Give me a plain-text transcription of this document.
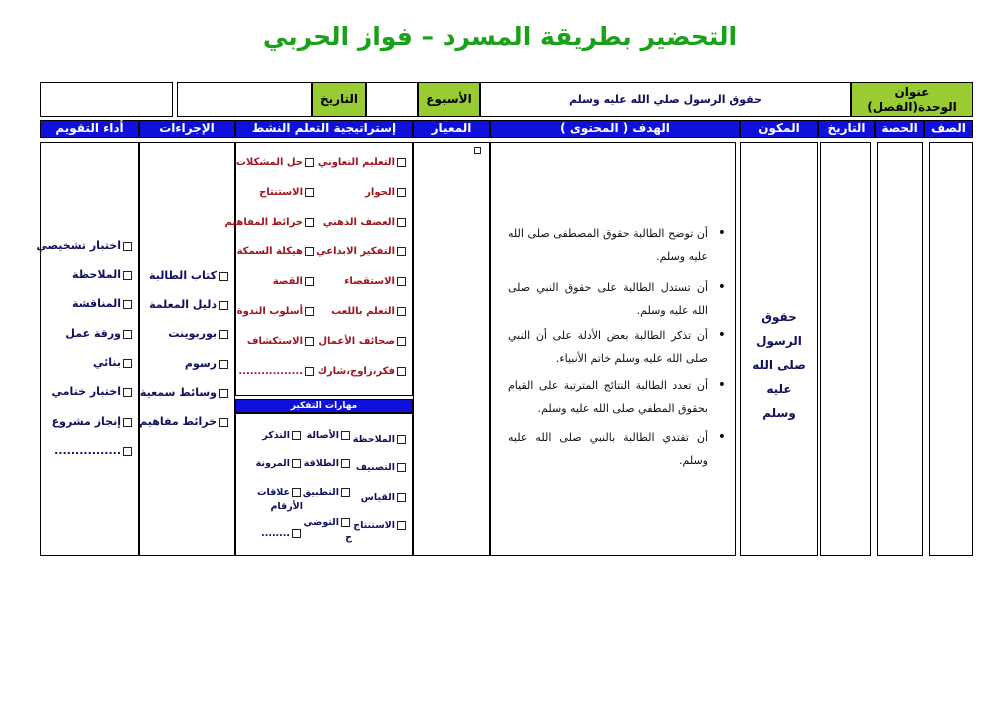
التحضير بطريقة المسرد – فواز الحربي
عنوان الوحدة(الفصل)
حقوق الرسول صلي الله عليه وسلم
الأسبوع
التاريخ
الصف
الحصة
التاريخ
المكون
الهدف ( المحتوى )
المعيار
إستراتيجية التعلم النشط
الإجراءات
أداء التقويم
حقوق الرسول صلى الله عليه وسلم
•
أن توضح الطالبة حقوق المصطفى صلى الله عليه وسلم.
•
أن تستدل الطالبة على حقوق النبي صلى الله عليه وسلم.
•
أن تذكر الطالبة بعض الأدلة على أن النبي صلى الله عليه وسلم خاتم الأنبياء.
•
أن تعدد الطالبة النتائج المترتبة على القيام بحقوق المطفي صلى الله عليه وسلم.
•
أن تقتدي الطالبة بالنبي صلى الله عليه وسلم.
التعليم التعاوني
الحوار
العصف الذهني
التفكير الابداعي
الاستقصاء
التعلم باللعب
صحائف الأعمال
فكر،زاوج،شارك
حل المشكلات
الاستنتاج
خرائط المفاهيم
هيكلة السمكة
القصة
أسلوب الندوة
الاستكشاف
.................
مهارات التفكير
الملاحظة
التصنيف
القياس
الاستنتاج
الأصالة
الطلاقة
التطبيق
التوضي ح
التذكر
المرونة
علاقات الأرقام
........
كتاب الطالبة
دليل المعلمة
بوربوينت
رسوم
وسائط سمعية
خرائط مفاهيم
اختبار تشخيصي
الملاحظة
المناقشة
ورقة عمل
بنائي
اختبار ختامي
إنجاز مشروع
................
